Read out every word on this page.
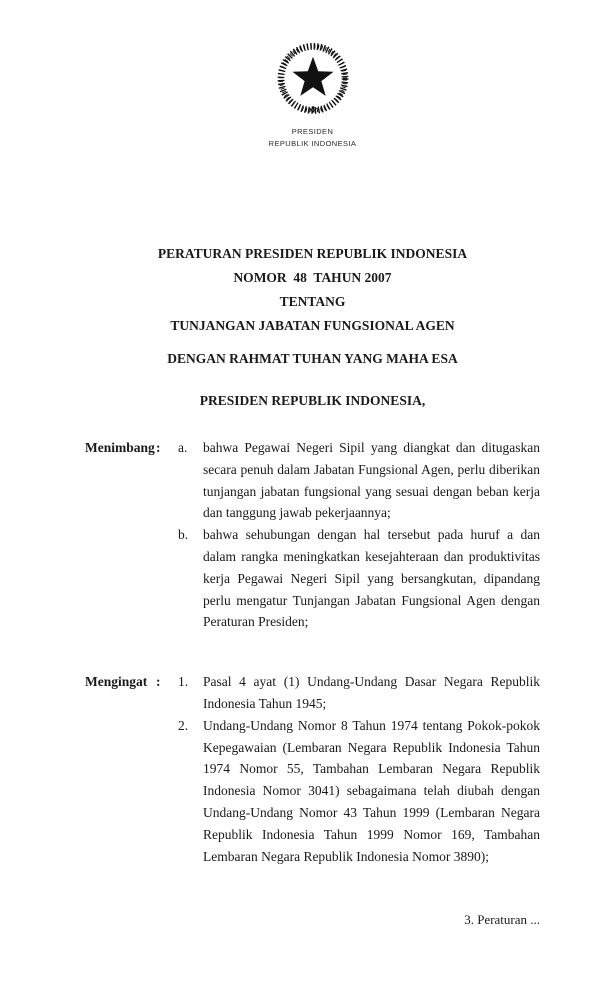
PRESIDEN
REPUBLIK INDONESIA
PERATURAN PRESIDEN REPUBLIK INDONESIA
NOMOR  48  TAHUN 2007
TENTANG
TUNJANGAN JABATAN FUNGSIONAL AGEN
DENGAN RAHMAT TUHAN YANG MAHA ESA
PRESIDEN REPUBLIK INDONESIA,
Menimbang :	a.	bahwa Pegawai Negeri Sipil yang diangkat dan ditugaskan secara penuh dalam Jabatan Fungsional Agen, perlu diberikan tunjangan jabatan fungsional yang sesuai dengan beban kerja dan tanggung jawab pekerjaannya;
b.	bahwa sehubungan dengan hal tersebut pada huruf a dan dalam rangka meningkatkan kesejahteraan dan produktivitas kerja Pegawai Negeri Sipil yang bersangkutan, dipandang perlu mengatur Tunjangan Jabatan Fungsional Agen dengan Peraturan Presiden;
Mengingat :	1.	Pasal 4 ayat (1) Undang-Undang Dasar Negara Republik Indonesia Tahun 1945;
2.	Undang-Undang Nomor 8 Tahun 1974 tentang Pokok-pokok Kepegawaian (Lembaran Negara Republik Indonesia Tahun 1974 Nomor 55, Tambahan Lembaran Negara Republik Indonesia Nomor 3041) sebagaimana telah diubah dengan Undang-Undang Nomor 43 Tahun 1999 (Lembaran Negara Republik Indonesia Tahun 1999 Nomor 169, Tambahan Lembaran Negara Republik Indonesia Nomor 3890);
3. Peraturan ...
